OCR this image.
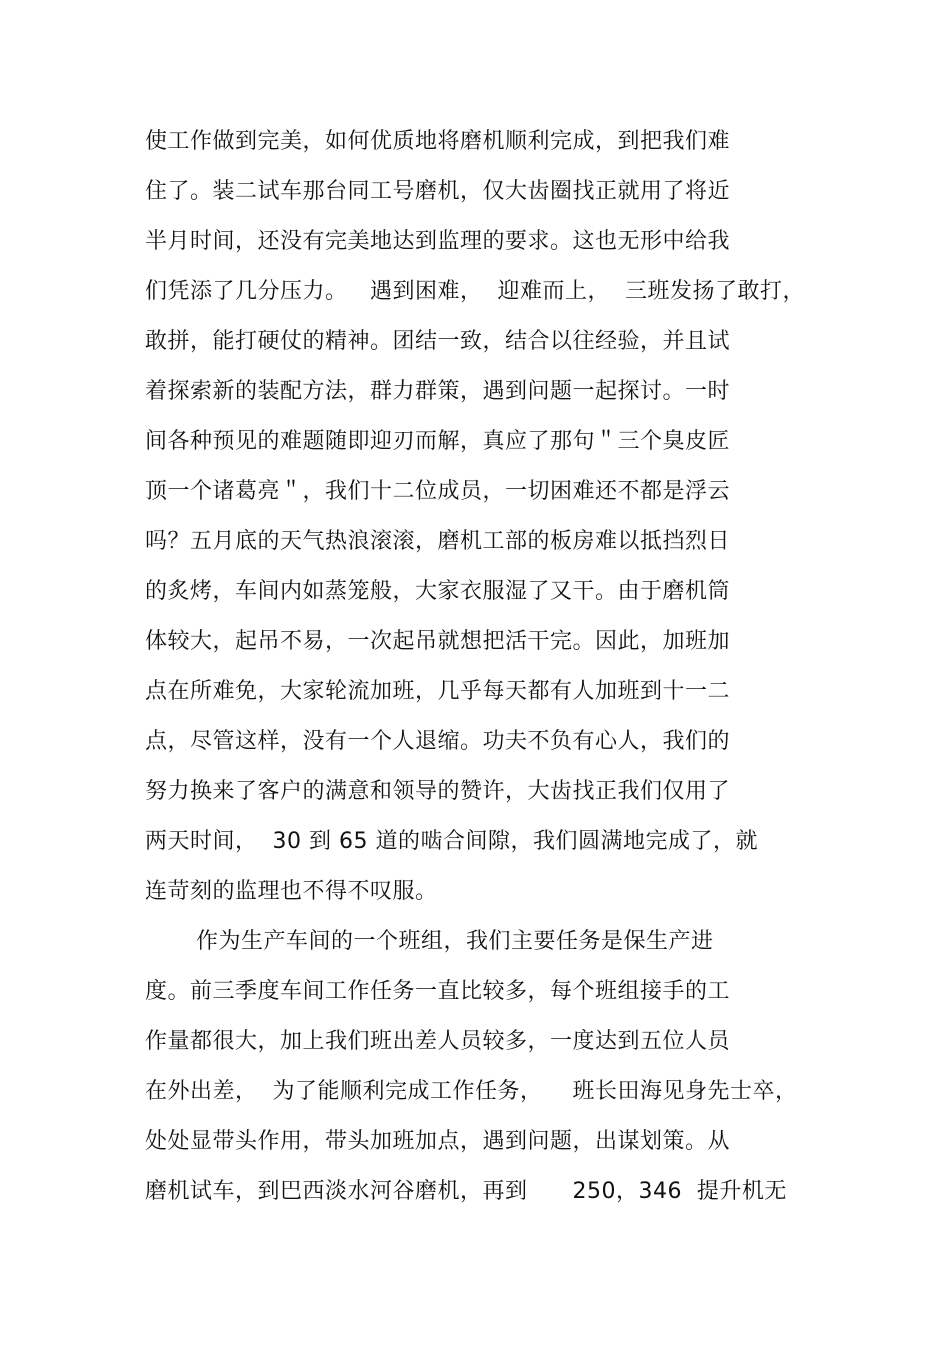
使工作做到完美，如何优质地将磨机顺利完成，到把我们难
住了。装二试车那台同工号磨机，仅大齿圈找正就用了将近
半月时间，还没有完美地达到监理的要求。这也无形中给我
们凭添了几分压力。   遇到困难，  迎难而上，  三班发扬了敢打，
敢拼，能打硬仗的精神。团结一致，结合以往经验，并且试
着探索新的装配方法，群力群策，遇到问题一起探讨。一时
间各种预见的难题随即迎刃而解，真应了那句＂三个臭皮匠
顶一个诸葛亮＂，我们十二位成员，一切困难还不都是浮云
吗？五月底的天气热浪滚滚，磨机工部的板房难以抵挡烈日
的炙烤，车间内如蒸笼般，大家衣服湿了又干。由于磨机筒
体较大，起吊不易，一次起吊就想把活干完。因此，加班加
点在所难免，大家轮流加班，几乎每天都有人加班到十一二
点，尽管这样，没有一个人退缩。功夫不负有心人，我们的
努力换来了客户的满意和领导的赞许，大齿找正我们仅用了
两天时间，  30 到 65 道的啮合间隙，我们圆满地完成了，就
连苛刻的监理也不得不叹服。
作为生产车间的一个班组，我们主要任务是保生产进
度。前三季度车间工作任务一直比较多，每个班组接手的工
作量都很大，加上我们班出差人员较多，一度达到五位人员
在外出差，  为了能顺利完成工作任务，    班长田海见身先士卒，
处处显带头作用，带头加班加点，遇到问题，出谋划策。从
磨机试车，到巴西淡水河谷磨机，再到      250，346  提升机无
